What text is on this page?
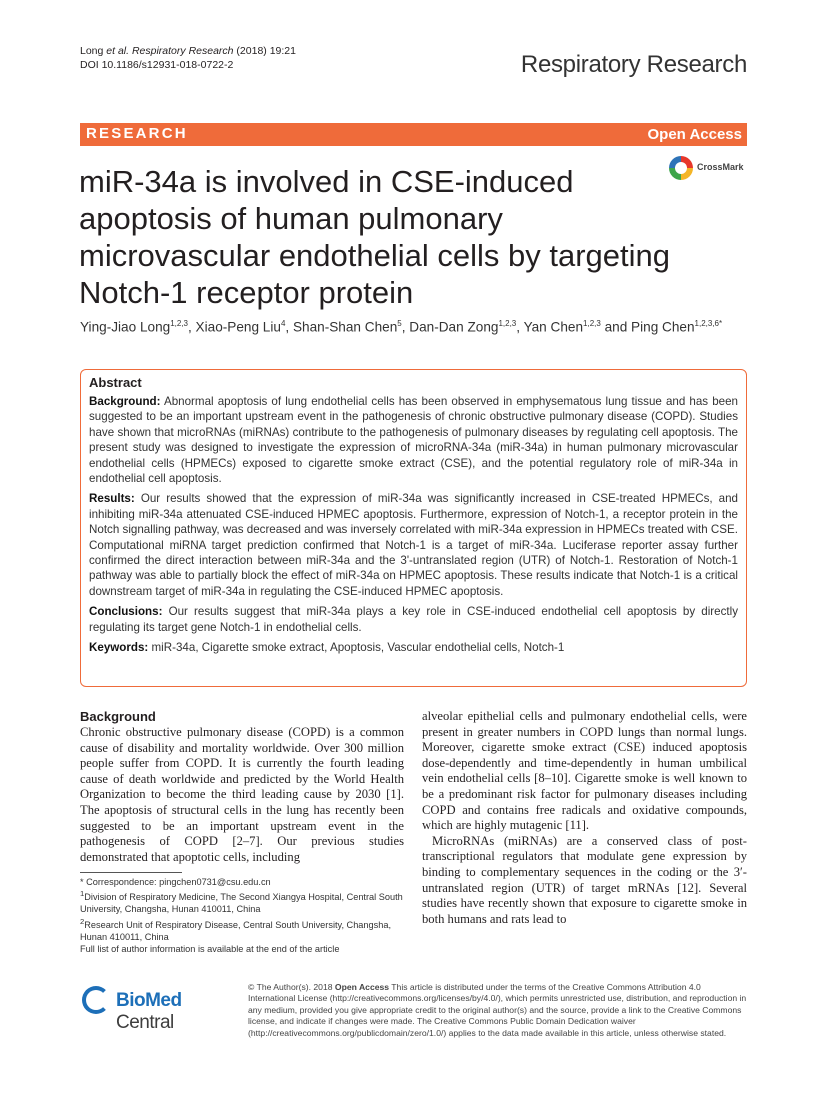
Long et al. Respiratory Research (2018) 19:21
DOI 10.1186/s12931-018-0722-2	Respiratory Research
RESEARCH	Open Access
CrossMark
miR-34a is involved in CSE-induced apoptosis of human pulmonary microvascular endothelial cells by targeting Notch-1 receptor protein
Ying-Jiao Long$^{1,2,3}$, Xiao-Peng Liu$^4$, Shan-Shan Chen$^5$, Dan-Dan Zong$^{1,2,3}$, Yan Chen$^{1,2,3}$ and Ping Chen$^{1,2,3,6*}$
Abstract

Background: Abnormal apoptosis of lung endothelial cells has been observed in emphysematous lung tissue and has been suggested to be an important upstream event in the pathogenesis of chronic obstructive pulmonary disease (COPD). Studies have shown that microRNAs (miRNAs) contribute to the pathogenesis of pulmonary diseases by regulating cell apoptosis. The present study was designed to investigate the expression of microRNA-34a (miR-34a) in human pulmonary microvascular endothelial cells (HPMECs) exposed to cigarette smoke extract (CSE), and the potential regulatory role of miR-34a in endothelial cell apoptosis.

Results: Our results showed that the expression of miR-34a was significantly increased in CSE-treated HPMECs, and inhibiting miR-34a attenuated CSE-induced HPMEC apoptosis. Furthermore, expression of Notch-1, a receptor protein in the Notch signalling pathway, was decreased and was inversely correlated with miR-34a expression in HPMECs treated with CSE. Computational miRNA target prediction confirmed that Notch-1 is a target of miR-34a. Luciferase reporter assay further confirmed the direct interaction between miR-34a and the 3'-untranslated region (UTR) of Notch-1. Restoration of Notch-1 pathway was able to partially block the effect of miR-34a on HPMEC apoptosis. These results indicate that Notch-1 is a critical downstream target of miR-34a in regulating the CSE-induced HPMEC apoptosis.

Conclusions: Our results suggest that miR-34a plays a key role in CSE-induced endothelial cell apoptosis by directly regulating its target gene Notch-1 in endothelial cells.

Keywords: miR-34a, Cigarette smoke extract, Apoptosis, Vascular endothelial cells, Notch-1

Background

Chronic obstructive pulmonary disease (COPD) is a common cause of disability and mortality worldwide. Over 300 million people suffer from COPD. It is currently the fourth leading cause of death worldwide and predicted by the World Health Organization to become the third leading cause by 2030 [1]. The apoptosis of structural cells in the lung has recently been suggested to be an important upstream event in the pathogenesis of COPD [2–7]. Our previous studies demonstrated that apoptotic cells, including

alveolar epithelial cells and pulmonary endothelial cells, were present in greater numbers in COPD lungs than normal lungs. Moreover, cigarette smoke extract (CSE) induced apoptosis dose-dependently and time-dependently in human umbilical vein endothelial cells [8–10]. Cigarette smoke is well known to be a predominant risk factor for pulmonary diseases including COPD and contains free radicals and oxidative compounds, which are highly mutagenic [11].

MicroRNAs (miRNAs) are a conserved class of post-transcriptional regulators that modulate gene expression by binding to complementary sequences in the coding or the 3′-untranslated region (UTR) of target mRNAs [12]. Several studies have recently shown that exposure to cigarette smoke in both humans and rats lead to

* Correspondence: pingchen0731@csu.edu.cn

$^1$Division of Respiratory Medicine, The Second Xiangya Hospital, Central South University, Changsha, Hunan 410011, China

$^2$Research Unit of Respiratory Disease, Central South University, Changsha, Hunan 410011, China

Full list of author information is available at the end of the article

BioMed Central

© The Author(s). 2018 Open Access This article is distributed under the terms of the Creative Commons Attribution 4.0 International License (http://creativecommons.org/licenses/by/4.0/), which permits unrestricted use, distribution, and reproduction in any medium, provided you give appropriate credit to the original author(s) and the source, provide a link to the Creative Commons license, and indicate if changes were made. The Creative Commons Public Domain Dedication waiver (http://creativecommons.org/publicdomain/zero/1.0/) applies to the data made available in this article, unless otherwise stated.
